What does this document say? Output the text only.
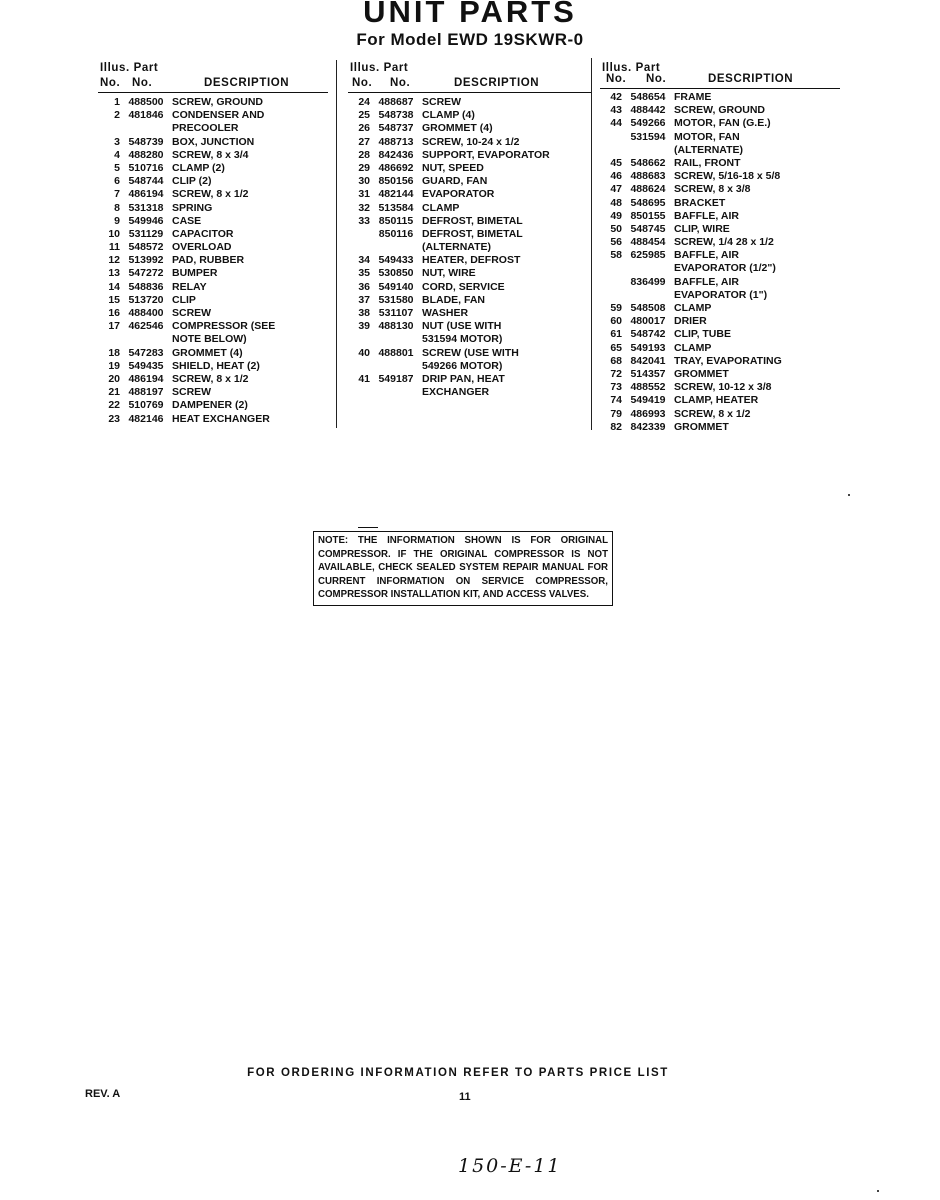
UNIT PARTS
For Model EWD 19SKWR-0
Illus. Part
No. No.	DESCRIPTION
1 488500 SCREW, GROUND
2 481846 CONDENSER AND
PRECOOLER
3 548739 BOX, JUNCTION
4 488280 SCREW, 8 x 3/4
5 510716 CLAMP (2)
6 548744 CLIP (2)
7 486194 SCREW, 8 x 1/2
8 531318 SPRING
9 549946 CASE
10 531129 CAPACITOR
11 548572 OVERLOAD
12 513992 PAD, RUBBER
13 547272 BUMPER
14 548836 RELAY
15 513720 CLIP
16 488400 SCREW
17 462546 COMPRESSOR (SEE
NOTE BELOW)
18 547283 GROMMET (4)
19 549435 SHIELD, HEAT (2)
20 486194 SCREW, 8 x 1/2
21 488197 SCREW
22 510769 DAMPENER (2)
23 482146 HEAT EXCHANGER
Illus. Part
No. No.	DESCRIPTION
24 488687 SCREW
25 548738 CLAMP (4)
26 548737 GROMMET (4)
27 488713 SCREW, 10-24 x 1/2
28 842436 SUPPORT, EVAPORATOR
29 486692 NUT, SPEED
30 850156 GUARD, FAN
31 482144 EVAPORATOR
32 513584 CLAMP
33 850115 DEFROST, BIMETAL
850116 DEFROST, BIMETAL
(ALTERNATE)
34 549433 HEATER, DEFROST
35 530850 NUT, WIRE
36 549140 CORD, SERVICE
37 531580 BLADE, FAN
38 531107 WASHER
39 488130 NUT (USE WITH
531594 MOTOR)
40 488801 SCREW (USE WITH
549266 MOTOR)
41 549187 DRIP PAN, HEAT
EXCHANGER
Illus. Part
No. No.	DESCRIPTION
42 548654 FRAME
43 488442 SCREW, GROUND
44 549266 MOTOR, FAN (G.E.)
531594 MOTOR, FAN
(ALTERNATE)
45 548662 RAIL, FRONT
46 488683 SCREW, 5/16-18 x 5/8
47 488624 SCREW, 8 x 3/8
48 548695 BRACKET
49 850155 BAFFLE, AIR
50 548745 CLIP, WIRE
56 488454 SCREW, 1/4 28 x 1/2
58 625985 BAFFLE, AIR
EVAPORATOR (1/2")
836499 BAFFLE, AIR
EVAPORATOR (1")
59 548508 CLAMP
60 480017 DRIER
61 548742 CLIP, TUBE
65 549193 CLAMP
68 842041 TRAY, EVAPORATING
72 514357 GROMMET
73 488552 SCREW, 10-12 x 3/8
74 549419 CLAMP, HEATER
79 486993 SCREW, 8 x 1/2
82 842339 GROMMET
NOTE: THE INFORMATION SHOWN IS FOR ORIGINAL COMPRESSOR. IF THE ORIGINAL COMPRESSOR IS NOT AVAILABLE, CHECK SEALED SYSTEM REPAIR MANUAL FOR CURRENT INFORMATION ON SERVICE COMPRESSOR, COMPRESSOR INSTALLATION KIT, AND ACCESS VALVES.
FOR ORDERING INFORMATION REFER TO PARTS PRICE LIST
REV. A	11
150-E-11
